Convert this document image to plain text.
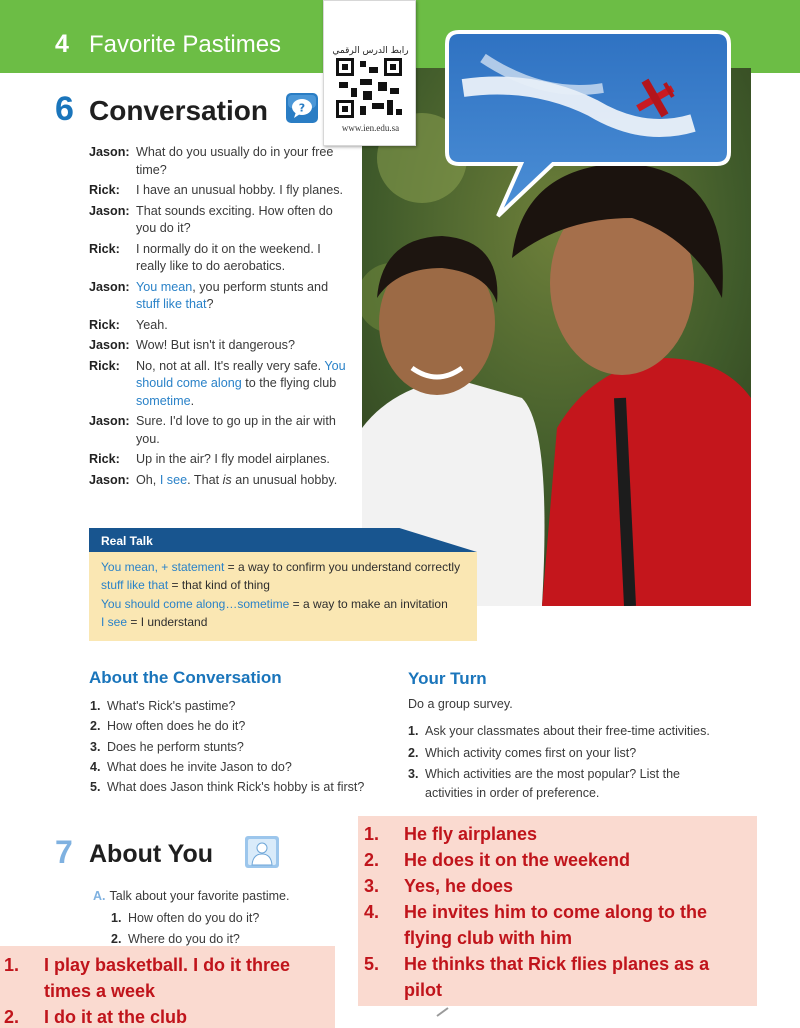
4 Favorite Pastimes	رابط الدرس الرقمي
www.ien.edu.sa
6 Conversation	?
Jason: What do you usually do in your free time?
Rick: I have an unusual hobby. I fly planes.
Jason: That sounds exciting. How often do you do it?
Rick: I normally do it on the weekend. I really like to do aerobatics.
Jason: You mean, you perform stunts and stuff like that?
Rick: Yeah.
Jason: Wow! But isn't it dangerous?
Rick: No, not at all. It's really very safe. You should come along to the flying club sometime.
Jason: Sure. I'd love to go up in the air with you.
Rick: Up in the air? I fly model airplanes.
Jason: Oh, I see. That is an unusual hobby.
Real Talk
You mean, + statement = a way to confirm you understand correctly
stuff like that = that kind of thing
You should come along…sometime = a way to make an invitation
I see = I understand
About the Conversation
1. What's Rick's pastime?
2. How often does he do it?
3. Does he perform stunts?
4. What does he invite Jason to do?
5. What does Jason think Rick's hobby is at first?
Your Turn
Do a group survey.
1. Ask your classmates about their free-time activities.
2. Which activity comes first on your list?
3. Which activities are the most popular? List the activities in order of preference.
7 About You
A. Talk about your favorite pastime.
1. How often do you do it?
2. Where do you do it?
1. He fly airplanes
2. He does it on the weekend
3. Yes, he does
4. He invites him to come along to the flying club with him
5. He thinks that Rick flies planes as a pilot
1. I play basketball. I do it three times a week
2. I do it at the club
